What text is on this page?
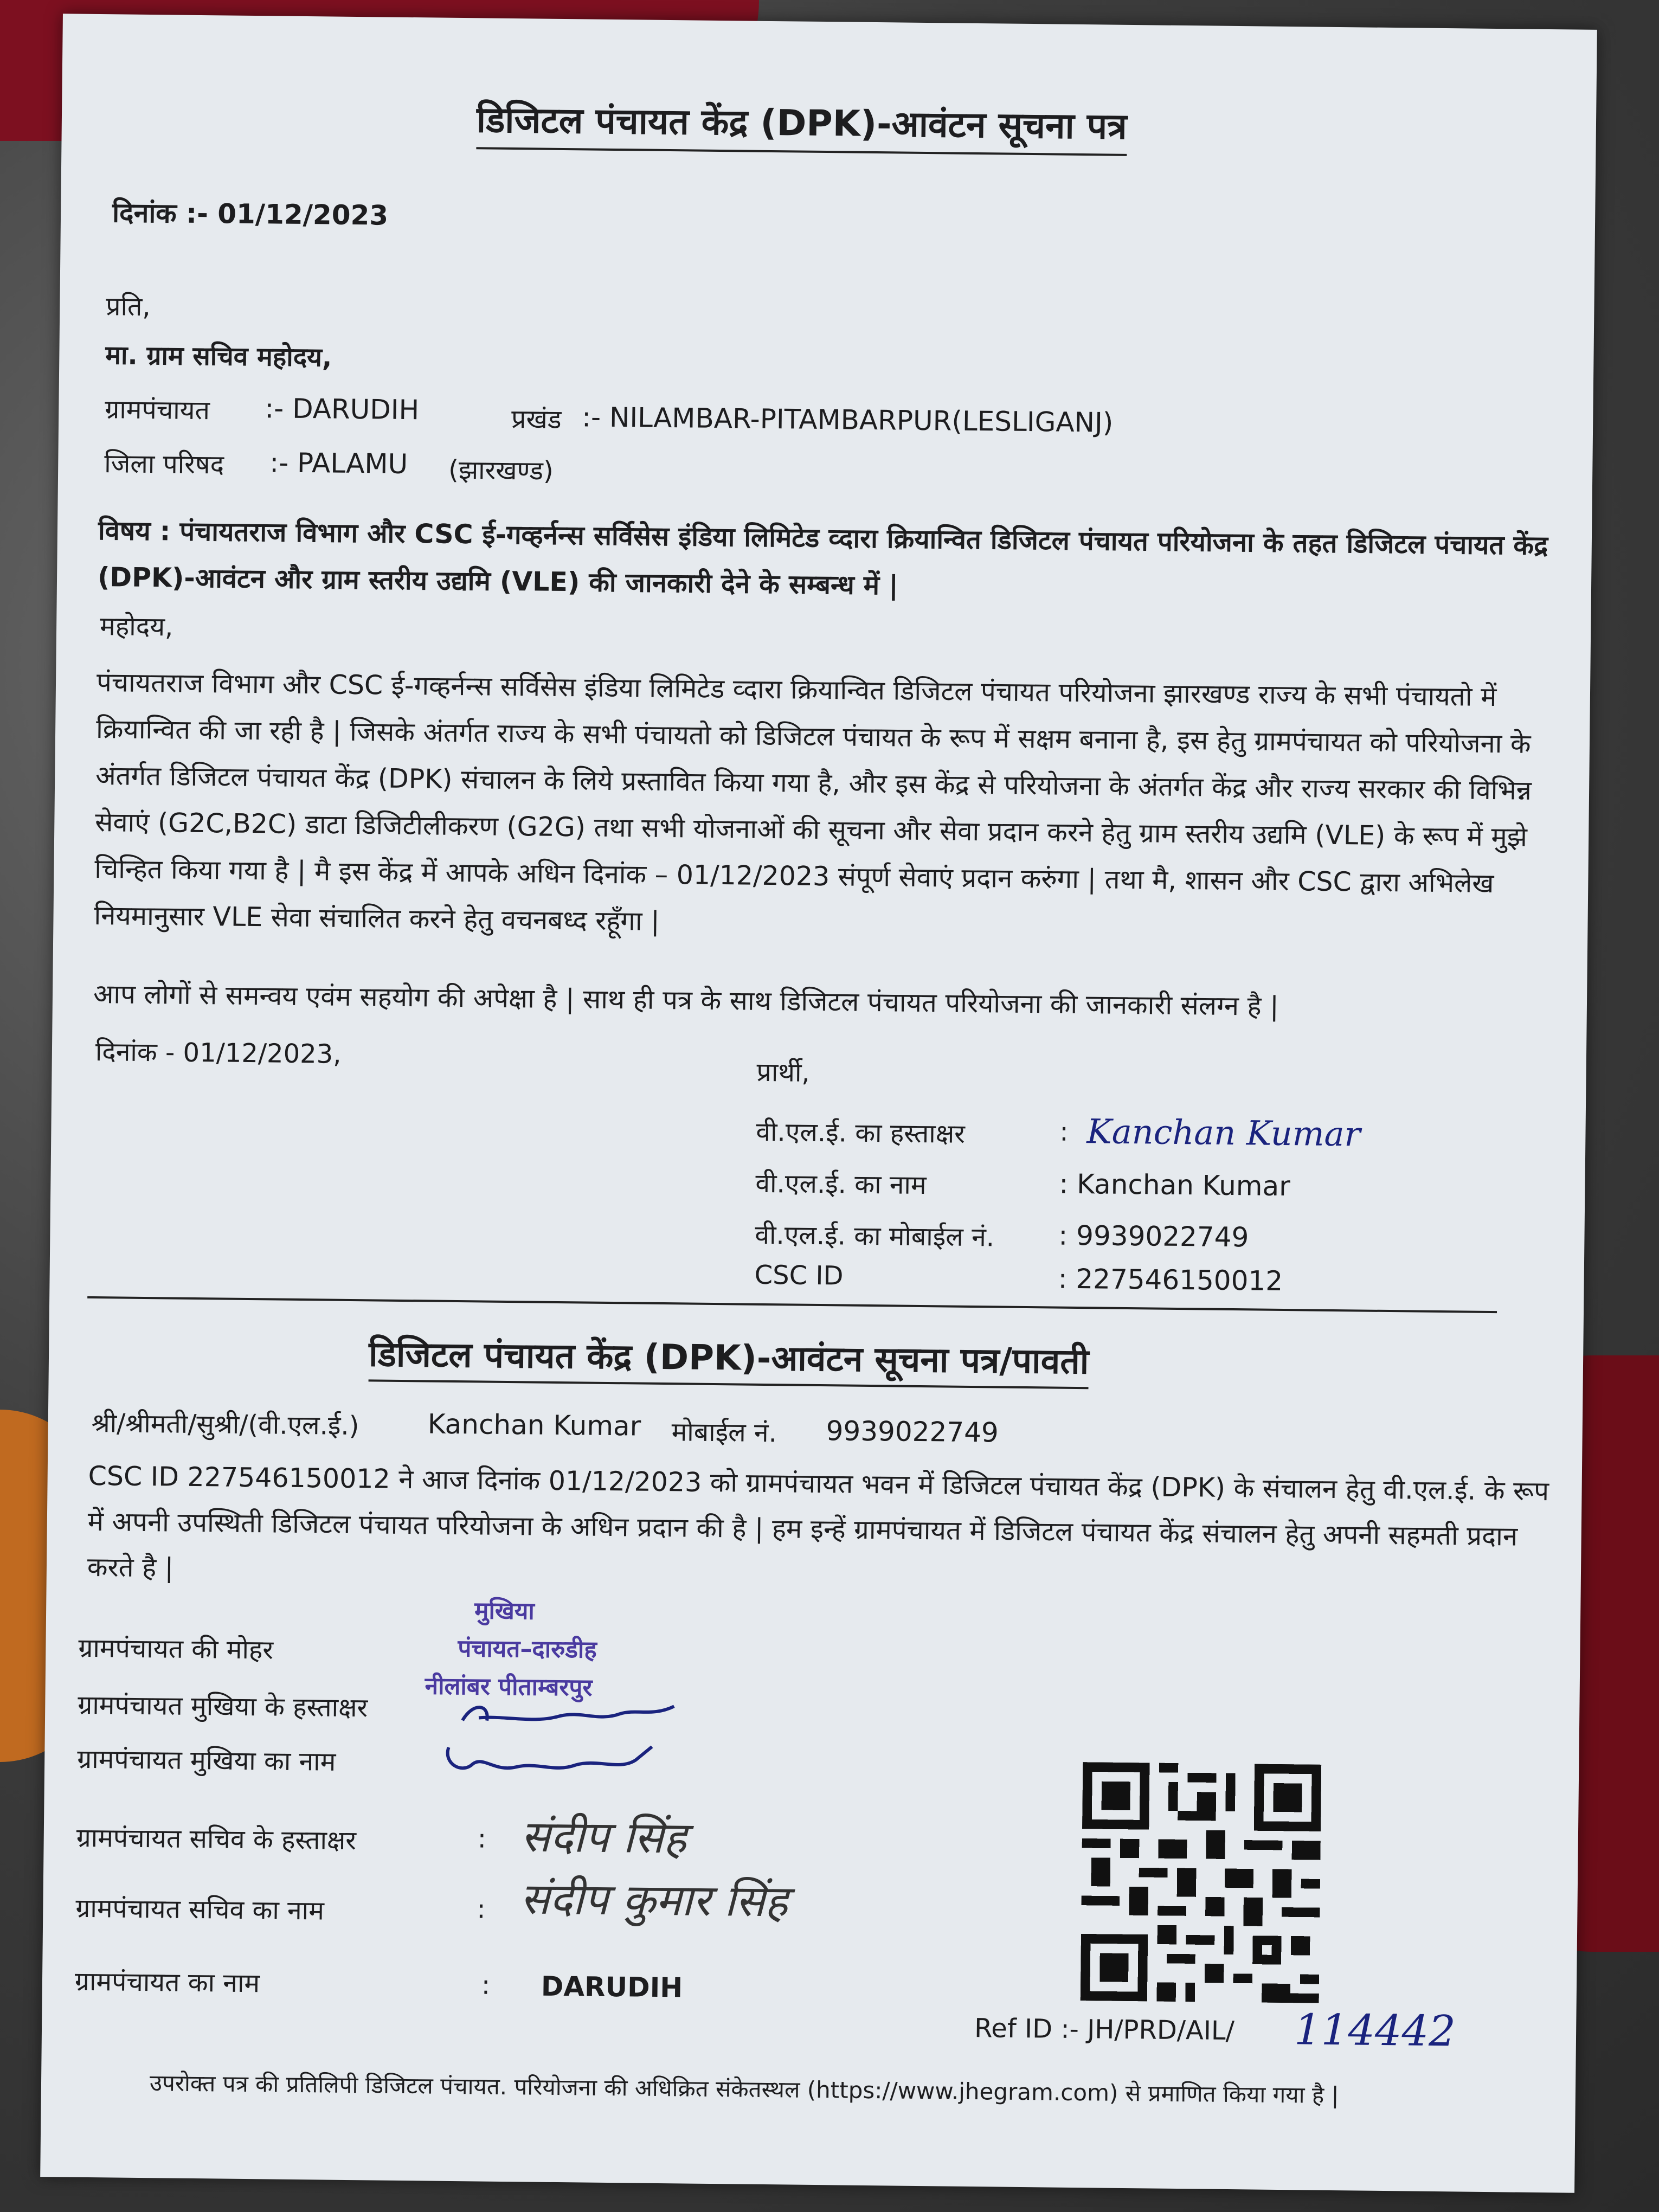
डिजिटल पंचायत केंद्र (DPK)-आवंटन सूचना पत्र
दिनांक :- 01/12/2023
प्रति,
मा. ग्राम सचिव महोदय,
ग्रामपंचायत :- DARUDIH	प्रखंड :- NILAMBAR-PITAMBARPUR(LESLIGANJ)
जिला परिषद :- PALAMU (झारखण्ड)
विषय : पंचायतराज विभाग और CSC ई-गव्हर्नन्स सर्विसेस इंडिया लिमिटेड व्दारा क्रियान्वित डिजिटल पंचायत परियोजना के तहत डिजिटल पंचायत केंद्र (DPK)-आवंटन और ग्राम स्तरीय उद्यमि (VLE) की जानकारी देने के सम्बन्ध में |
महोदय,
पंचायतराज विभाग और CSC ई-गव्हर्नन्स सर्विसेस इंडिया लिमिटेड व्दारा क्रियान्वित डिजिटल पंचायत परियोजना झारखण्ड राज्य के सभी पंचायतो में क्रियान्वित की जा रही है | जिसके अंतर्गत राज्य के सभी पंचायतो को डिजिटल पंचायत के रूप में सक्षम बनाना है, इस हेतु ग्रामपंचायत को परियोजना के अंतर्गत डिजिटल पंचायत केंद्र (DPK) संचालन के लिये प्रस्तावित किया गया है, और इस केंद्र से परियोजना के अंतर्गत केंद्र और राज्य सरकार की विभिन्न सेवाएं (G2C,B2C) डाटा डिजिटीलीकरण (G2G) तथा सभी योजनाओं की सूचना और सेवा प्रदान करने हेतु ग्राम स्तरीय उद्यमि (VLE) के रूप में मुझे चिन्हित किया गया है | मै इस केंद्र में आपके अधिन दिनांक – 01/12/2023 संपूर्ण सेवाएं प्रदान करुंगा | तथा मै, शासन और CSC द्वारा अभिलेख नियमानुसार VLE सेवा संचालित करने हेतु वचनबध्द रहूँगा |
आप लोगों से समन्वय एवंम सहयोग की अपेक्षा है | साथ ही पत्र के साथ डिजिटल पंचायत परियोजना की जानकारी संलग्न है |
दिनांक - 01/12/2023,
प्रार्थी,
वी.एल.ई. का हस्ताक्षर	: Kanchan Kumar
वी.एल.ई. का नाम	: Kanchan Kumar
वी.एल.ई. का मोबाईल नं. : 9939022749
CSC ID	: 227546150012
डिजिटल पंचायत केंद्र (DPK)-आवंटन सूचना पत्र/पावती
श्री/श्रीमती/सुश्री/(वी.एल.ई.)	Kanchan Kumar मोबाईल नं. 9939022749
CSC ID 227546150012 ने आज दिनांक 01/12/2023 को ग्रामपंचायत भवन में डिजिटल पंचायत केंद्र (DPK) के संचालन हेतु वी.एल.ई. के रूप में अपनी उपस्थिती डिजिटल पंचायत परियोजना के अधिन प्रदान की है | हम इन्हें ग्रामपंचायत में डिजिटल पंचायत केंद्र संचालन हेतु अपनी सहमती प्रदान करते है |
ग्रामपंचायत की मोहर
मुखिया
पंचायत–दारुडीह
नीलांबर पीताम्बरपुर
ग्रामपंचायत मुखिया के हस्ताक्षर
ग्रामपंचायत मुखिया का नाम
ग्रामपंचायत सचिव के हस्ताक्षर	: संदीप सिंह
ग्रामपंचायत सचिव का नाम	: संदीप कुमार सिंह
ग्रामपंचायत का नाम	: DARUDIH
Ref ID :- JH/PRD/AIL/ 114442
उपरोक्त पत्र की प्रतिलिपी डिजिटल पंचायत. परियोजना की अधिक्रित संकेतस्थल (https://www.jhegram.com) से प्रमाणित किया गया है |
